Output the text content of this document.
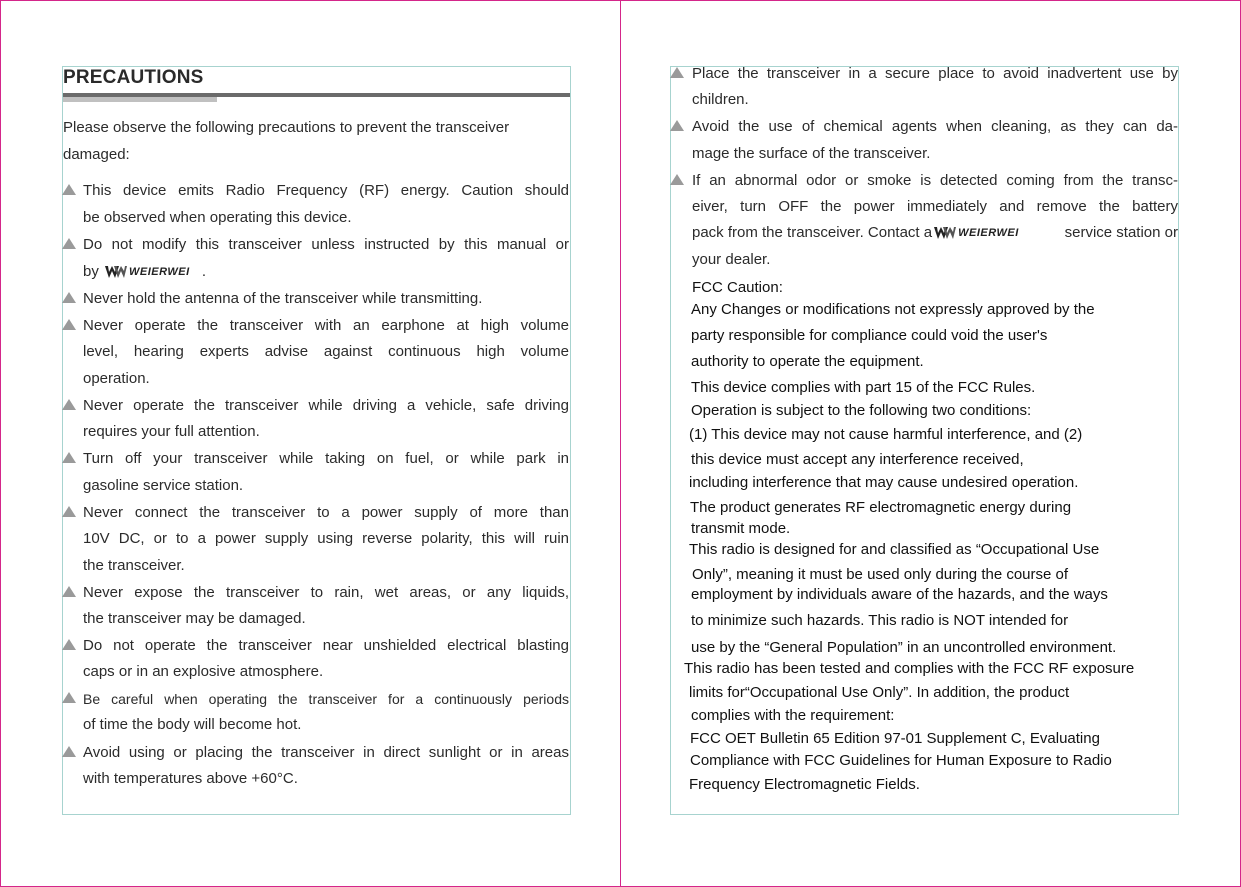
PRECAUTIONS
Please observe the following precautions to prevent the transceiver
damaged:
This device emits Radio Frequency (RF) energy. Caution should
be observed when operating this device.
Do not modify this transceiver unless instructed by this manual or
by	WEIERWEI .
Never hold the antenna of the transceiver while transmitting.
Never operate the transceiver with an earphone at high volume
level, hearing experts advise against continuous high volume
operation.
Never operate the transceiver while driving a vehicle, safe driving
requires your full attention.
Turn off your transceiver while taking on fuel, or while park in
gasoline service station.
Never connect the transceiver to a power supply of more than
10V DC, or to a power supply using reverse polarity, this will ruin
the transceiver.
Never expose the transceiver to rain, wet areas, or any liquids,
the transceiver may be damaged.
Do not operate the transceiver near unshielded electrical blasting
caps or in an explosive atmosphere.
Be careful when operating the transceiver for a continuously periods
of time the body will become hot.
Avoid using or placing the transceiver in direct sunlight or in areas
with temperatures above +60°C.
Place the transceiver in a secure place to avoid inadvertent use by
children.
Avoid the use of chemical agents when cleaning, as they can da-
mage the surface of the transceiver.
If an abnormal odor or smoke is detected coming from the transc-
eiver, turn OFF the power immediately and remove the battery
pack from the transceiver. Contact a WEIERWEI	service station or
your dealer.
FCC Caution:
Any Changes or modifications not expressly approved by the
party responsible for compliance could void the user's
authority to operate the equipment.
This device complies with part 15 of the FCC Rules.
Operation is subject to the following two conditions:
(1) This device may not cause harmful interference, and (2)
this device must accept any interference received,
including interference that may cause undesired operation.
The product generates RF electromagnetic energy during
transmit mode.
This radio is designed for and classified as “Occupational Use
Only”, meaning it must be used only during the course of
employment by individuals aware of the hazards, and the ways
to minimize such hazards. This radio is NOT intended for
use by the “General Population” in an uncontrolled environment.
This radio has been tested and complies with the FCC RF exposure
limits for“Occupational Use Only”. In addition, the product
complies with the requirement:
FCC OET Bulletin 65 Edition 97-01 Supplement C, Evaluating
Compliance with FCC Guidelines for Human Exposure to Radio
Frequency Electromagnetic Fields.
